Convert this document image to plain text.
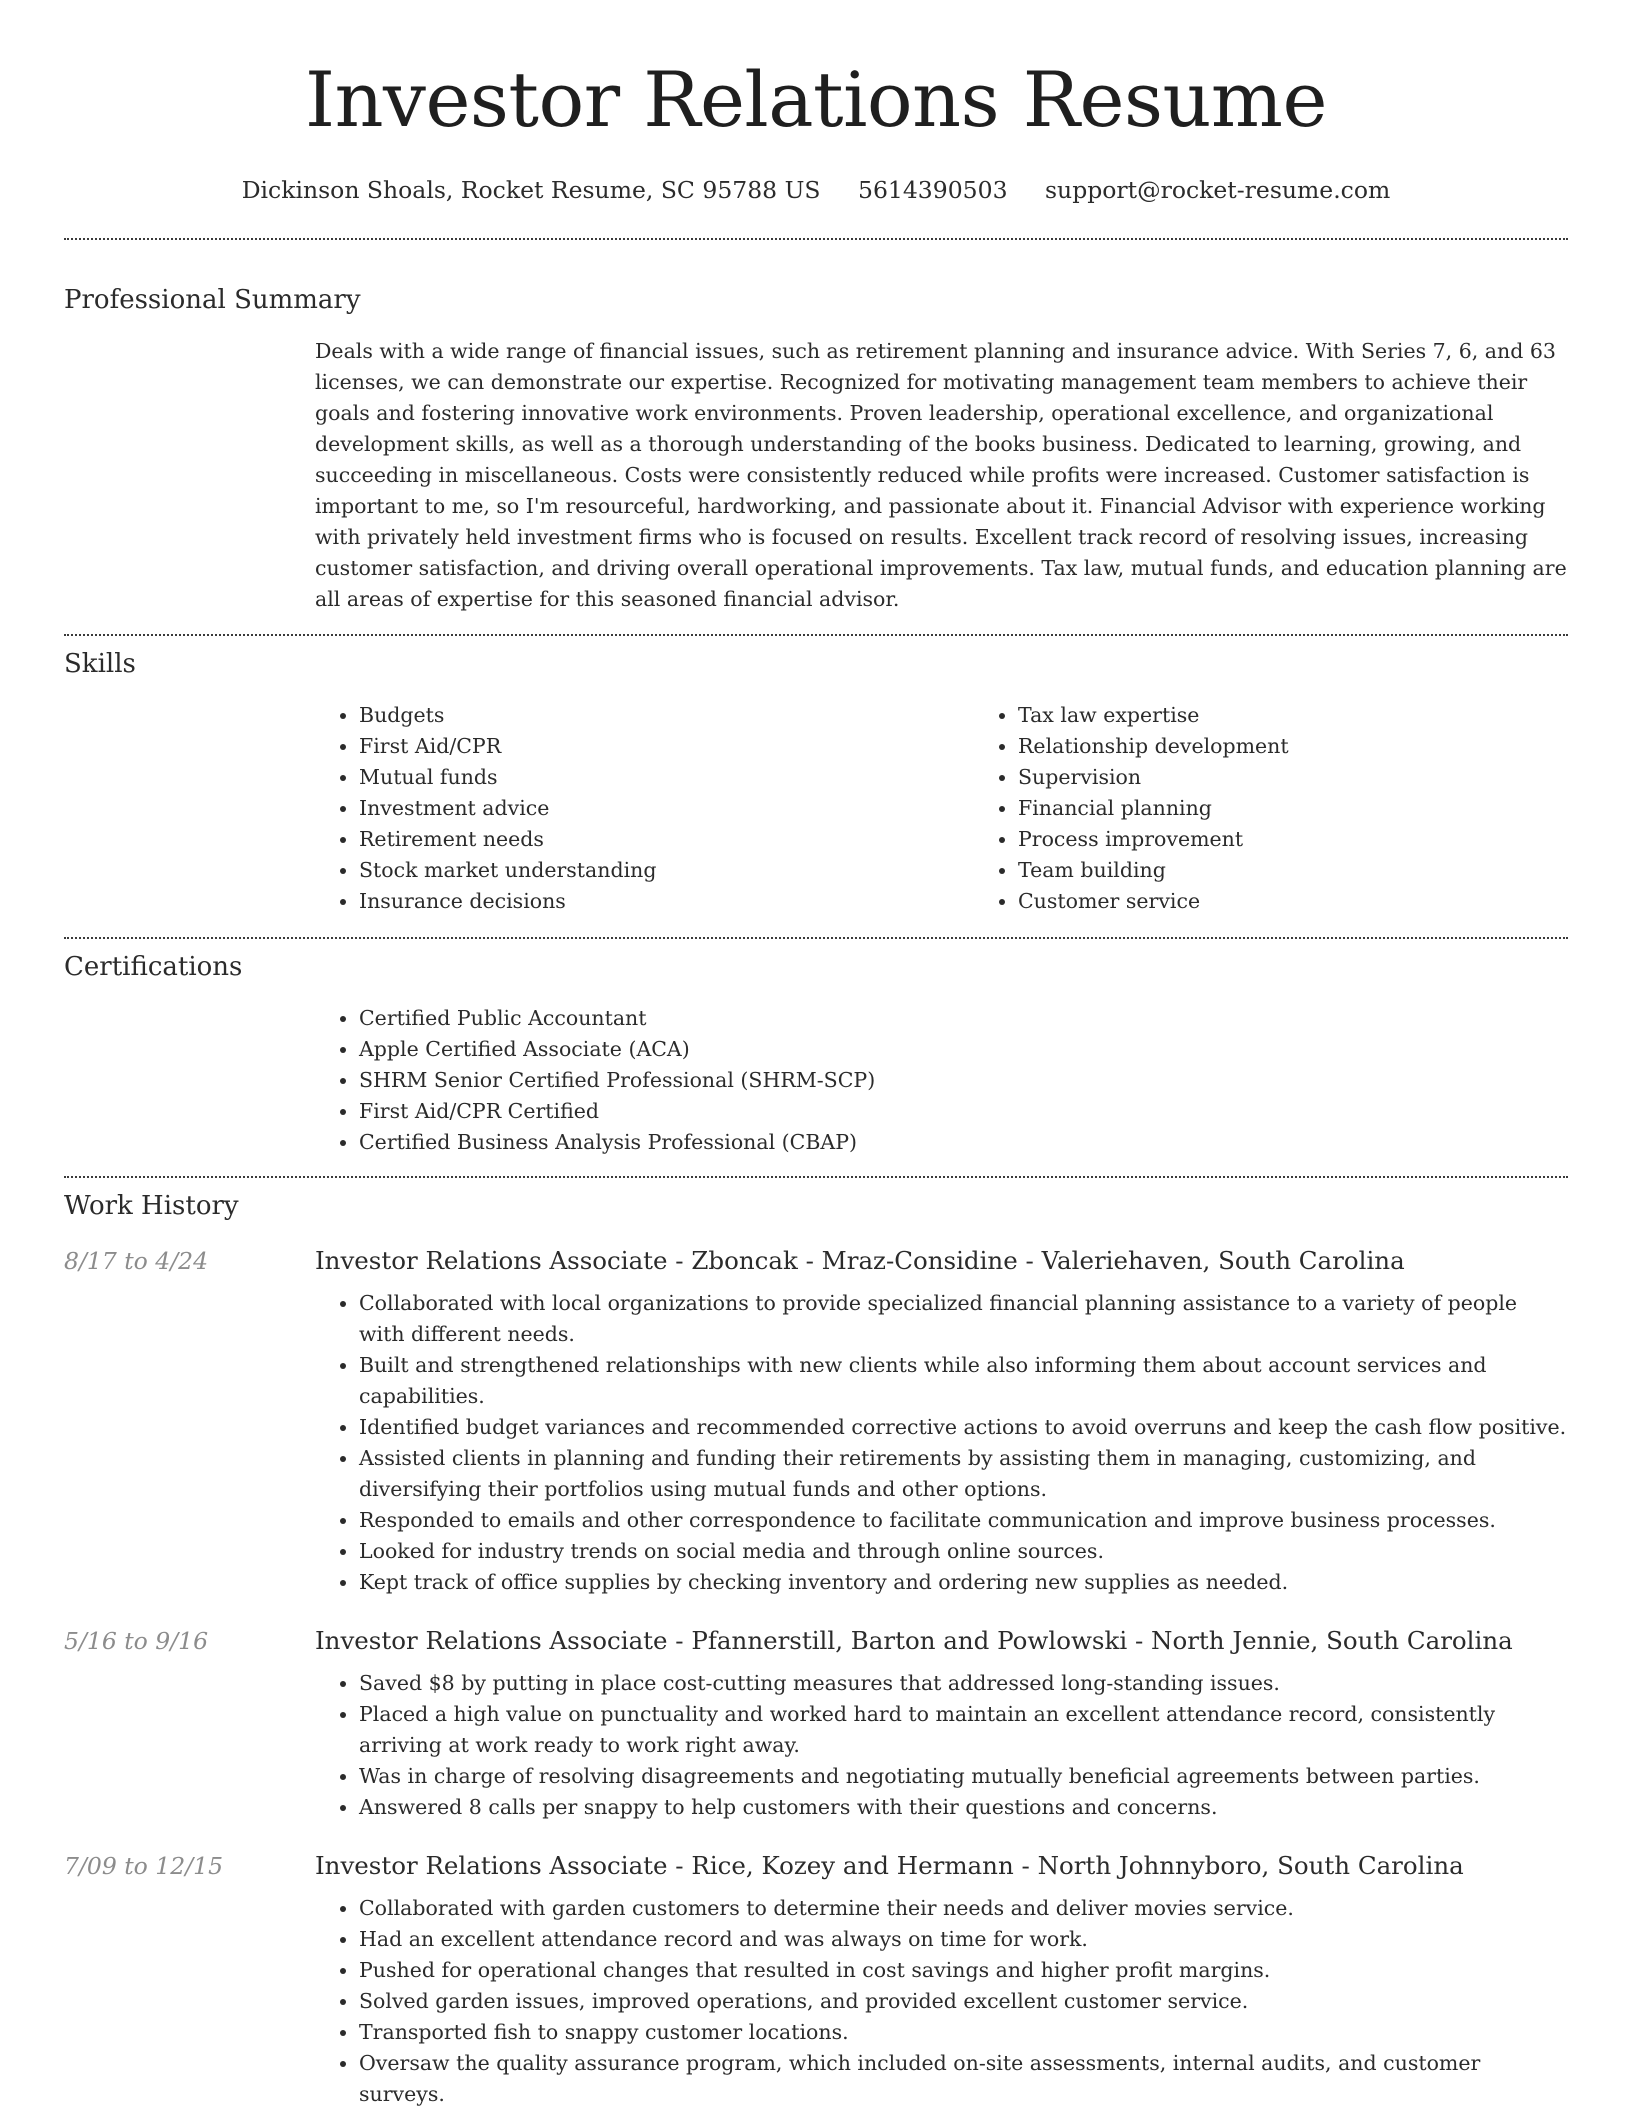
Investor Relations Resume
Dickinson Shoals, Rocket Resume, SC 95788 US 5614390503 support@rocket-resume.com
Professional Summary

Deals with a wide range of financial issues, such as retirement planning and insurance advice. With Series 7, 6, and 63 licenses, we can demonstrate our expertise. Recognized for motivating management team members to achieve their goals and fostering innovative work environments. Proven leadership, operational excellence, and organizational development skills, as well as a thorough understanding of the books business. Dedicated to learning, growing, and succeeding in miscellaneous. Costs were consistently reduced while profits were increased. Customer satisfaction is important to me, so I'm resourceful, hardworking, and passionate about it. Financial Advisor with experience working with privately held investment firms who is focused on results. Excellent track record of resolving issues, increasing customer satisfaction, and driving overall operational improvements. Tax law, mutual funds, and education planning are all areas of expertise for this seasoned financial advisor.

Skills
• Budgets
• First Aid/CPR
• Mutual funds
• Investment advice
• Retirement needs
• Stock market understanding
• Insurance decisions
• Tax law expertise
• Relationship development
• Supervision
• Financial planning
• Process improvement
• Team building
• Customer service
Certifications
• Certified Public Accountant
• Apple Certified Associate (ACA)
• SHRM Senior Certified Professional (SHRM-SCP)
• First Aid/CPR Certified
• Certified Business Analysis Professional (CBAP)
Work History
8/17 to 4/24	Investor Relations Associate - Zboncak - Mraz-Considine - Valeriehaven, South Carolina
• Collaborated with local organizations to provide specialized financial planning assistance to a variety of people with different needs.
• Built and strengthened relationships with new clients while also informing them about account services and capabilities.
• Identified budget variances and recommended corrective actions to avoid overruns and keep the cash flow positive.
• Assisted clients in planning and funding their retirements by assisting them in managing, customizing, and diversifying their portfolios using mutual funds and other options.
• Responded to emails and other correspondence to facilitate communication and improve business processes.
• Looked for industry trends on social media and through online sources.
• Kept track of office supplies by checking inventory and ordering new supplies as needed.
5/16 to 9/16	Investor Relations Associate - Pfannerstill, Barton and Powlowski - North Jennie, South Carolina
• Saved $8 by putting in place cost-cutting measures that addressed long-standing issues.
• Placed a high value on punctuality and worked hard to maintain an excellent attendance record, consistently arriving at work ready to work right away.
• Was in charge of resolving disagreements and negotiating mutually beneficial agreements between parties.
• Answered 8 calls per snappy to help customers with their questions and concerns.
7/09 to 12/15	Investor Relations Associate - Rice, Kozey and Hermann - North Johnnyboro, South Carolina
• Collaborated with garden customers to determine their needs and deliver movies service.
• Had an excellent attendance record and was always on time for work.
• Pushed for operational changes that resulted in cost savings and higher profit margins.
• Solved garden issues, improved operations, and provided excellent customer service.
• Transported fish to snappy customer locations.
• Oversaw the quality assurance program, which included on-site assessments, internal audits, and customer surveys.
